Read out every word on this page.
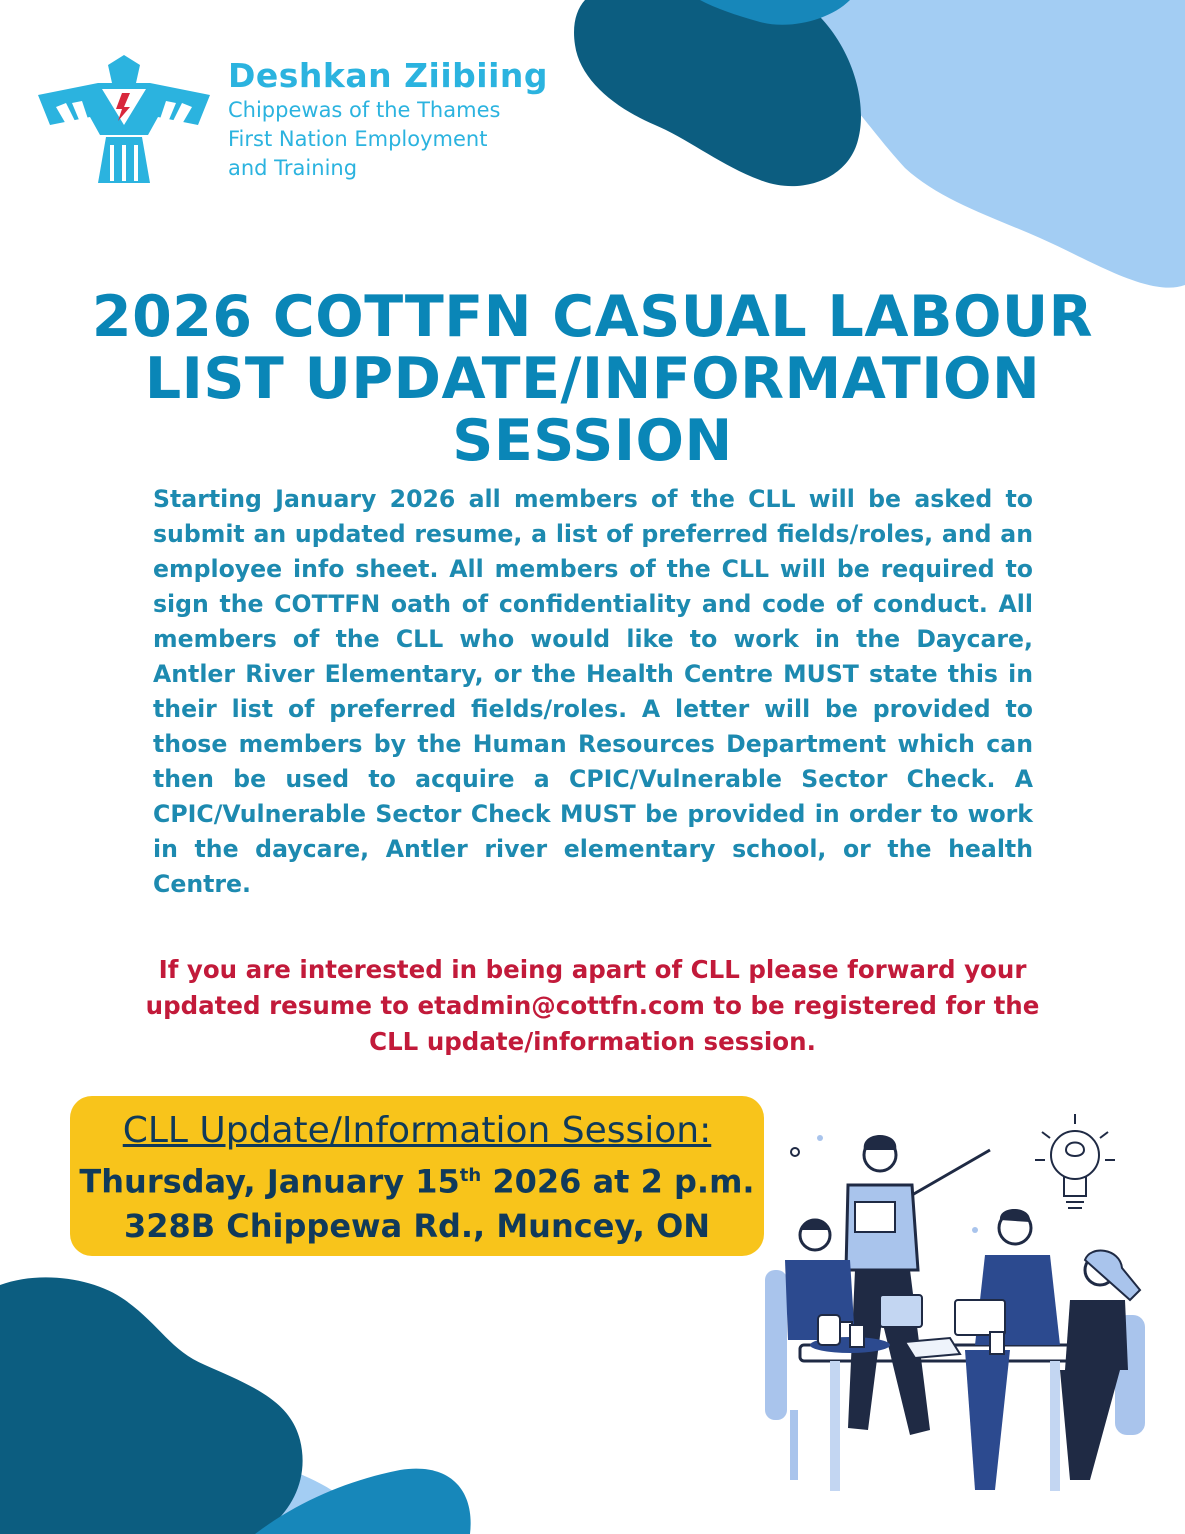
Deshkan Ziibiing
Chippewas of the Thames
First Nation Employment
and Training
2026 COTTFN CASUAL LABOUR
LIST UPDATE/INFORMATION
SESSION

Starting January 2026 all members of the CLL will be asked to submit an updated resume, a list of preferred fields/roles, and an employee info sheet. All members of the CLL will be required to sign the COTTFN oath of confidentiality and code of conduct. All members of the CLL who would like to work in the Daycare, Antler River Elementary, or the Health Centre MUST state this in their list of preferred fields/roles. A letter will be provided to those members by the Human Resources Department which can then be used to acquire a CPIC/Vulnerable Sector Check. A CPIC/Vulnerable Sector Check MUST be provided in order to work in the daycare, Antler river elementary school, or the health Centre.

If you are interested in being apart of CLL please forward your
updated resume to etadmin@cottfn.com to be registered for the
CLL update/information session.
CLL Update/Information Session:
Thursday, January 15th 2026 at 2 p.m.
328B Chippewa Rd., Muncey, ON
